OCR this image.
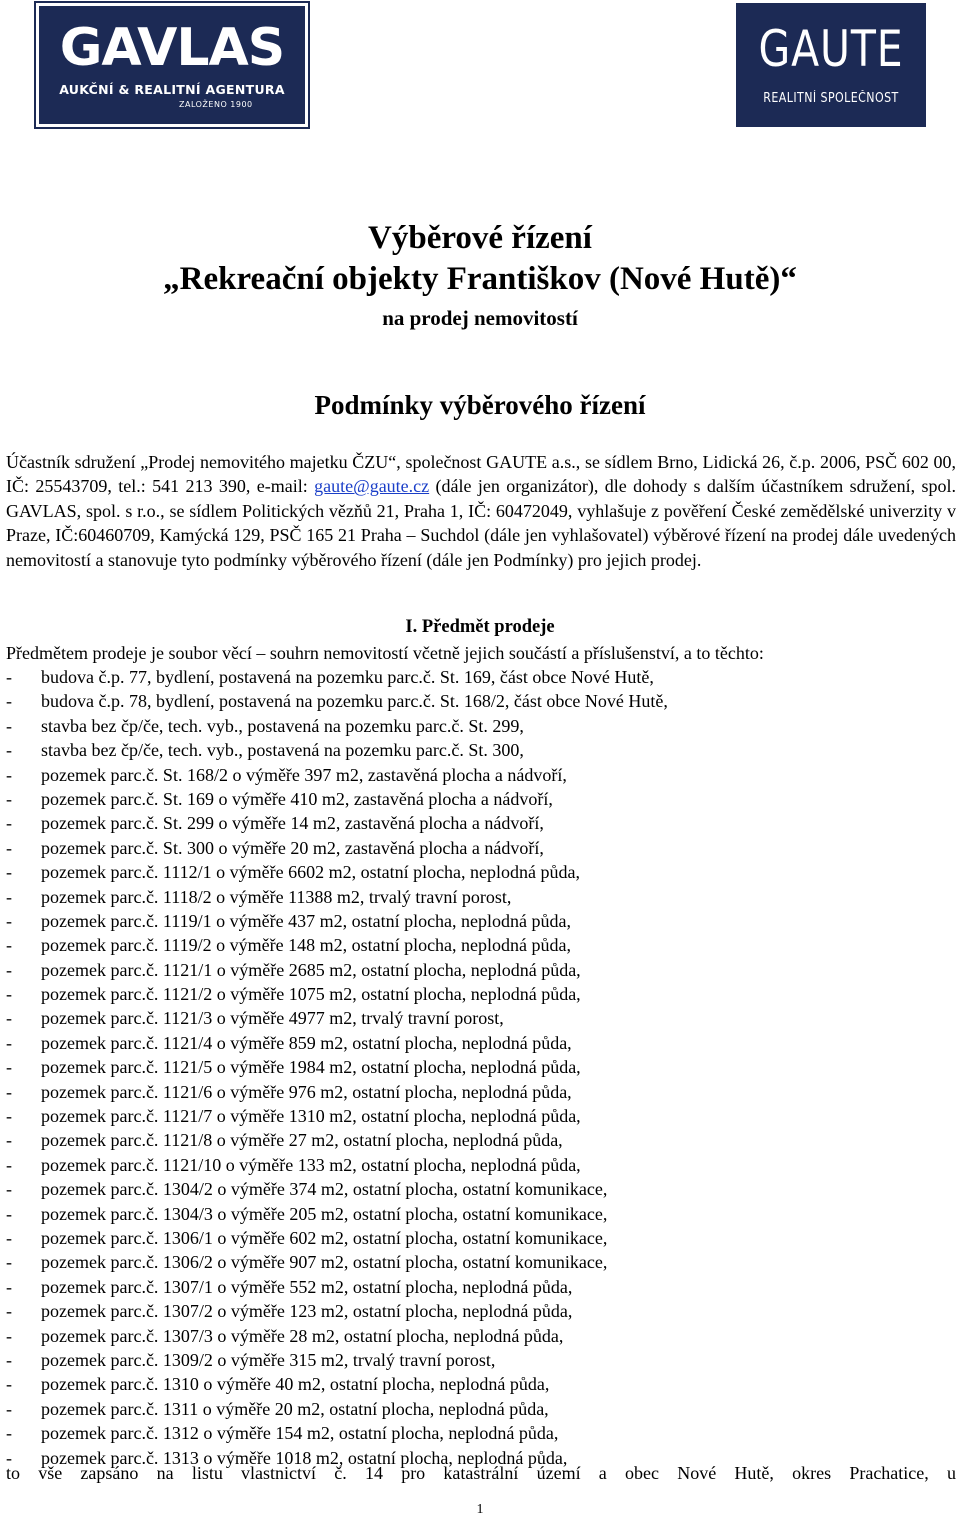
GAVLAS
AUKČNÍ & REALITNÍ AGENTURA
ZALOŽENO 1900
GAUTE
REALITNÍ SPOLEČNOST
Výběrové řízení
„Rekreační objekty Františkov (Nové Hutě)“
na prodej nemovitostí
Podmínky výběrového řízení
Účastník sdružení „Prodej nemovitého majetku ČZU“, společnost GAUTE a.s., se sídlem Brno, Lidická 26, č.p. 2006, PSČ 602 00, IČ: 25543709, tel.: 541 213 390, e-mail: gaute@gaute.cz (dále jen organizátor), dle dohody s dalším účastníkem sdružení, spol. GAVLAS, spol. s r.o., se sídlem Politických vězňů 21, Praha 1, IČ: 60472049, vyhlašuje z pověření České zemědělské univerzity v Praze, IČ:60460709, Kamýcká 129, PSČ 165 21 Praha – Suchdol (dále jen vyhlašovatel) výběrové řízení na prodej dále uvedených nemovitostí a stanovuje tyto podmínky výběrového řízení (dále jen Podmínky) pro jejich prodej.
I. Předmět prodeje
Předmětem prodeje je soubor věcí – souhrn nemovitostí včetně jejich součástí a příslušenství, a to těchto:
- budova č.p. 77, bydlení, postavená na pozemku parc.č. St. 169, část obce Nové Hutě,
- budova č.p. 78, bydlení, postavená na pozemku parc.č. St. 168/2, část obce Nové Hutě,
- stavba bez čp/če, tech. vyb., postavená na pozemku parc.č. St. 299,
- stavba bez čp/če, tech. vyb., postavená na pozemku parc.č. St. 300,
- pozemek parc.č. St. 168/2 o výměře 397 m2, zastavěná plocha a nádvoří,
- pozemek parc.č. St. 169 o výměře 410 m2, zastavěná plocha a nádvoří,
- pozemek parc.č. St. 299 o výměře 14 m2, zastavěná plocha a nádvoří,
- pozemek parc.č. St. 300 o výměře 20 m2, zastavěná plocha a nádvoří,
- pozemek parc.č. 1112/1 o výměře 6602 m2, ostatní plocha, neplodná půda,
- pozemek parc.č. 1118/2 o výměře 11388 m2, trvalý travní porost,
- pozemek parc.č. 1119/1 o výměře 437 m2, ostatní plocha, neplodná půda,
- pozemek parc.č. 1119/2 o výměře 148 m2, ostatní plocha, neplodná půda,
- pozemek parc.č. 1121/1 o výměře 2685 m2, ostatní plocha, neplodná půda,
- pozemek parc.č. 1121/2 o výměře 1075 m2, ostatní plocha, neplodná půda,
- pozemek parc.č. 1121/3 o výměře 4977 m2, trvalý travní porost,
- pozemek parc.č. 1121/4 o výměře 859 m2, ostatní plocha, neplodná půda,
- pozemek parc.č. 1121/5 o výměře 1984 m2, ostatní plocha, neplodná půda,
- pozemek parc.č. 1121/6 o výměře 976 m2, ostatní plocha, neplodná půda,
- pozemek parc.č. 1121/7 o výměře 1310 m2, ostatní plocha, neplodná půda,
- pozemek parc.č. 1121/8 o výměře 27 m2, ostatní plocha, neplodná půda,
- pozemek parc.č. 1121/10 o výměře 133 m2, ostatní plocha, neplodná půda,
- pozemek parc.č. 1304/2 o výměře 374 m2, ostatní plocha, ostatní komunikace,
- pozemek parc.č. 1304/3 o výměře 205 m2, ostatní plocha, ostatní komunikace,
- pozemek parc.č. 1306/1 o výměře 602 m2, ostatní plocha, ostatní komunikace,
- pozemek parc.č. 1306/2 o výměře 907 m2, ostatní plocha, ostatní komunikace,
- pozemek parc.č. 1307/1 o výměře 552 m2, ostatní plocha, neplodná půda,
- pozemek parc.č. 1307/2 o výměře 123 m2, ostatní plocha, neplodná půda,
- pozemek parc.č. 1307/3 o výměře 28 m2, ostatní plocha, neplodná půda,
- pozemek parc.č. 1309/2 o výměře 315 m2, trvalý travní porost,
- pozemek parc.č. 1310 o výměře 40 m2, ostatní plocha, neplodná půda,
- pozemek parc.č. 1311 o výměře 20 m2, ostatní plocha, neplodná půda,
- pozemek parc.č. 1312 o výměře 154 m2, ostatní plocha, neplodná půda,
- pozemek parc.č. 1313 o výměře 1018 m2, ostatní plocha, neplodná půda,
to vše zapsáno na listu vlastnictví č. 14 pro katastrální území a obec Nové Hutě, okres Prachatice, u
1
